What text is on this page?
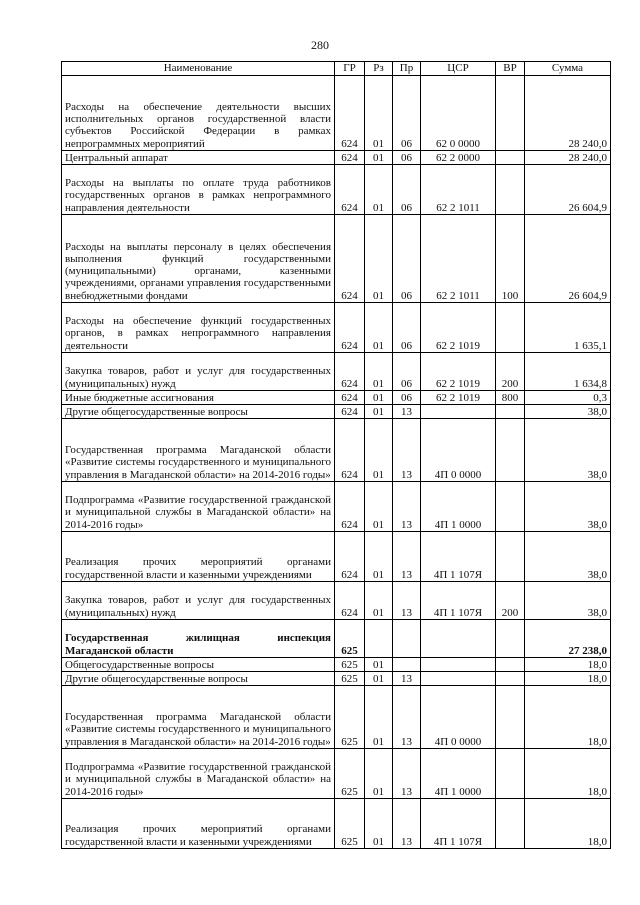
280
Наименование	ГР	Рз	Пр	ЦСР	ВР	Сумма
Расходы на обеспечение деятельности высших исполнительных органов государственной власти субъектов Российской Федерации в рамках непрограммных мероприятий	624	01	06	62 0 0000		28 240,0
Центральный аппарат	624	01	06	62 2 0000		28 240,0
Расходы на выплаты по оплате труда работников государственных органов в рамках непрограммного направления деятельности	624	01	06	62 2 1011		26 604,9
Расходы на выплаты персоналу в целях обеспечения выполнения функций государственными (муниципальными) органами, казенными учреждениями, органами управления государственными внебюджетными фондами	624	01	06	62 2 1011	100	26 604,9
Расходы на обеспечение функций государственных органов, в рамках непрограммного направления деятельности	624	01	06	62 2 1019		1 635,1
Закупка товаров, работ и услуг для государственных (муниципальных) нужд	624	01	06	62 2 1019	200	1 634,8
Иные бюджетные ассигнования	624	01	06	62 2 1019	800	0,3
Другие общегосударственные вопросы	624	01	13			38,0
Государственная программа Магаданской области «Развитие системы государственного и муниципального управления в Магаданской области» на 2014-2016 годы»	624	01	13	4П 0 0000		38,0
Подпрограмма «Развитие государственной гражданской и муниципальной службы в Магаданской области» на 2014-2016 годы»	624	01	13	4П 1 0000		38,0
Реализация прочих мероприятий органами государственной власти и казенными учреждениями	624	01	13	4П 1 107Я		38,0
Закупка товаров, работ и услуг для государственных (муниципальных) нужд	624	01	13	4П 1 107Я	200	38,0
Государственная жилищная инспекция Магаданской области	625					27 238,0
Общегосударственные вопросы	625	01				18,0
Другие общегосударственные вопросы	625	01	13			18,0
Государственная программа Магаданской области «Развитие системы государственного и муниципального управления в Магаданской области» на 2014-2016 годы»	625	01	13	4П 0 0000		18,0
Подпрограмма «Развитие государственной гражданской и муниципальной службы в Магаданской области» на 2014-2016 годы»	625	01	13	4П 1 0000		18,0
Реализация прочих мероприятий органами государственной власти и казенными учреждениями	625	01	13	4П 1 107Я		18,0
